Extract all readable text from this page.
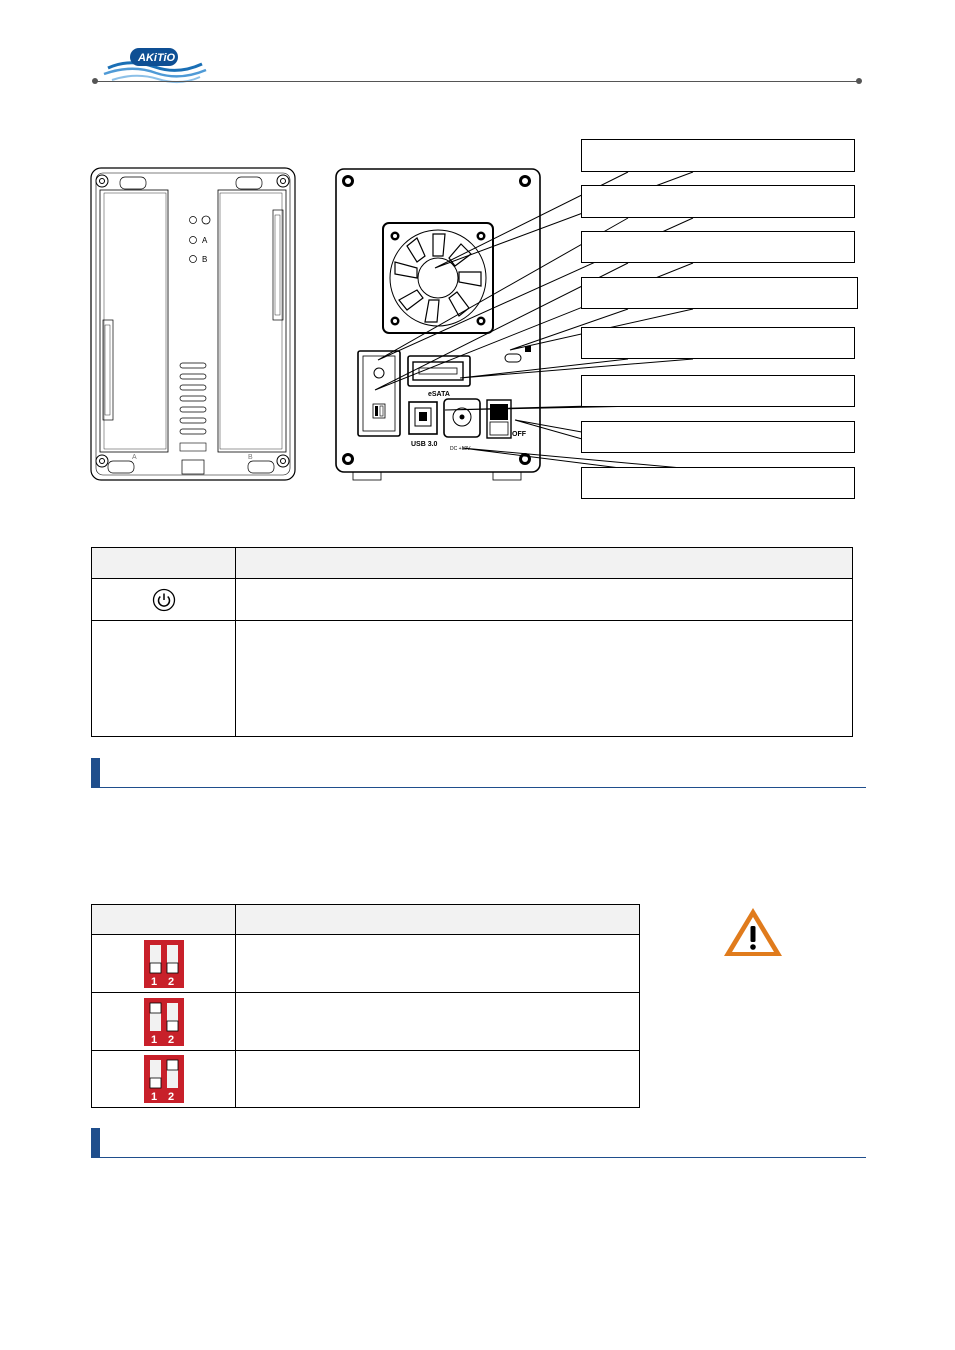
AKiTiO
A
B
A	B
eSATA
USB 3.0
DC +12V
OFF

1 2	

1 2	

1 2	
